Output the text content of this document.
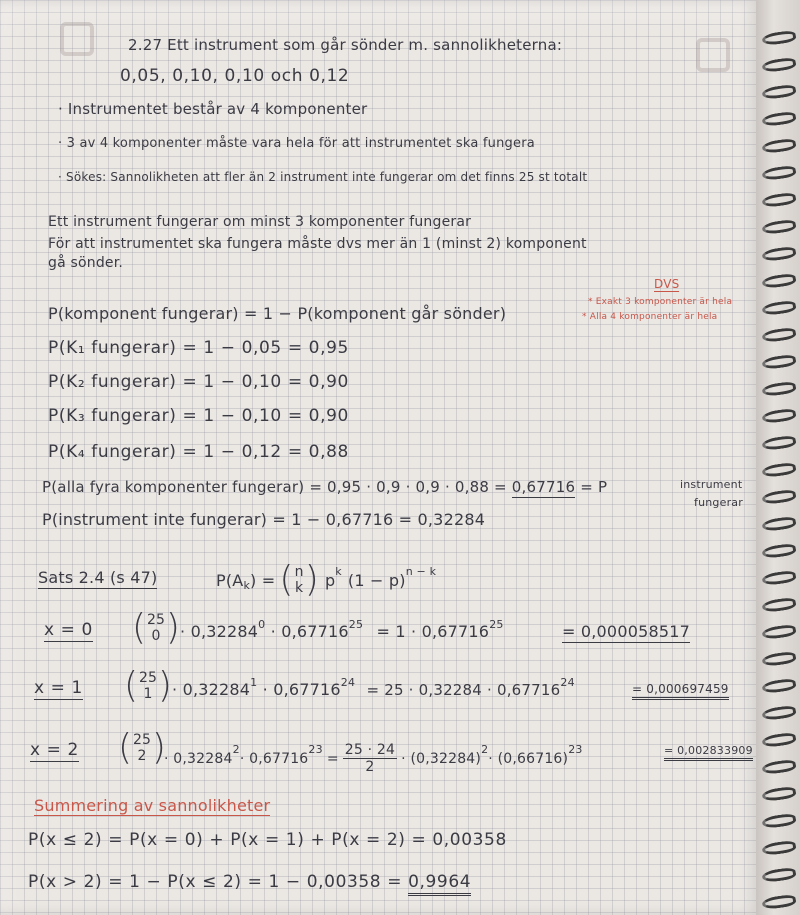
2.27 Ett instrument som går sönder m. sannolikheterna:
0,05, 0,10, 0,10 och 0,12
· Instrumentet består av 4 komponenter
· 3 av 4 komponenter måste vara hela för att instrumentet ska fungera
· Sökes: Sannolikheten att fler än 2 instrument inte fungerar om det finns 25 st totalt
Ett instrument fungerar om minst 3 komponenter fungerar
För att instrumentet ska fungera måste dvs mer än 1 (minst 2) komponent
gå sönder.
DVS
* Exakt 3 komponenter är hela
* Alla 4 komponenter är hela
P(komponent fungerar) = 1 − P(komponent går sönder)
P(K₁ fungerar) = 1 − 0,05 = 0,95
P(K₂ fungerar) = 1 − 0,10 = 0,90
P(K₃ fungerar) = 1 − 0,10 = 0,90
P(K₄ fungerar) = 1 − 0,12 = 0,88
P(alla fyra komponenter fungerar) = 0,95 · 0,9 · 0,9 · 0,88 = 0,67716 = P	instrument
fungerar
P(instrument inte fungerar) = 1 − 0,67716 = 0,32284
Sats 2.4 (s 47)	P(A k ) = ( n
k ) p k (1 − p) n − k
x = 0 ( 25
0 ) · $0,32284^0 \cdot 0,67716^{25} = 1 \cdot 0,67716^{25}$	= 0,000058517
x = 1 ( 25
1 ) · $0,32284^1 \cdot 0,67716^{24} = 25 \cdot 0,32284 \cdot 0,67716^{24}$	= 0,000697459
x = 2 ( 25
2 )
· 0,32284
2
· 0,67716
23
= $\frac{25 \cdot 24}{2} \cdot (0,32284)$
2
· (0,66716)
23	= 0,002833909
Summering av sannolikheter
P(x ≤ 2) = P(x = 0) + P(x = 1) + P(x = 2) = 0,00358
P(x > 2) = 1 − P(x ≤ 2) = 1 − 0,00358 = 0,9964
